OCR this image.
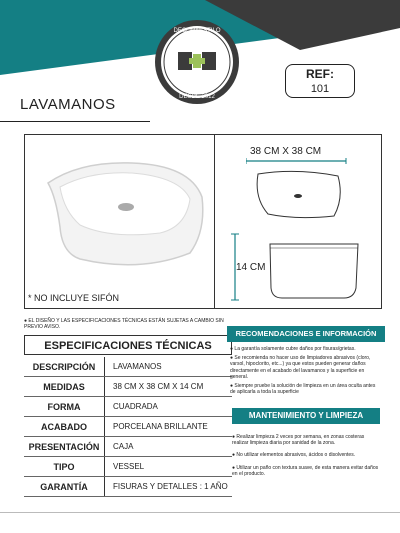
DECORAESTILO
DESDE 2012
REF:
101
LAVAMANOS
38 CM X 38 CM
14 CM
* NO INCLUYE SIFÓN
● EL DISEÑO Y LAS ESPECIFICACIONES TÉCNICAS ESTÁN SUJETAS A CAMBIO SIN PREVIO AVISO.
ESPECIFICACIONES TÉCNICAS
DESCRIPCIÓN	LAVAMANOS
MEDIDAS	38 CM X 38 CM X 14 CM
FORMA	CUADRADA
ACABADO	PORCELANA BRILLANTE
PRESENTACIÓN	CAJA
TIPO	VESSEL
GARANTÍA	FISURAS Y DETALLES : 1 AÑO
RECOMENDACIONES E INFORMACIÓN

● La garantía solamente cubre daños por fisuras/grietas.

● Se recomienda no hacer uso de limpiadores abrasivos (cloro, varsol, hipoclorito, etc...) ya que estos pueden generar daños directamente en el acabado del lavamanos y la superficie en general.

● Siempre pruebe la solución de limpieza en un área oculta antes de aplicarla a toda la superficie

MANTENIMIENTO Y LIMPIEZA

● Realizar limpieza 2 veces por semana, en zonas costeras realizar limpieza diaria por sanidad de la zona.

● No utilizar elementos abrasivos, ácidos o disolventes.

● Utilizar un paño con textura suave, de esta manera evitar daños en el producto.
